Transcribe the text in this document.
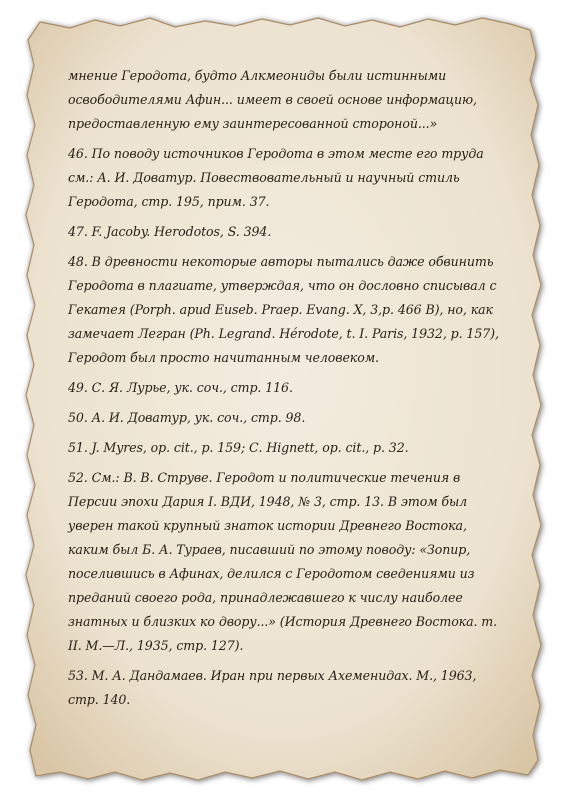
мнение Геродота, будто Алкмеониды были истинными освободителями Афин... имеет в своей основе информацию, предоставленную ему заинтересованной стороной...»

46. По поводу источников Геродота в этом месте его труда см.: А. И. Доватур. Повествовательный и научный стиль Геродота, стр. 195, прим. 37.

47. F. Jacoby. Herodotos, S. 394.

48. В древности некоторые авторы пытались даже обвинить Геродота в плагиате, утверждая, что он дословно списывал с Гекатея (Porph. apud Euseb. Praep. Evang. X, 3,p. 466 В), но, как замечает Легран (Ph. Legrand. Hérodote, t. I. Paris, 1932, p. 157), Геродот был просто начитанным человеком.

49. С. Я. Лурье, ук. соч., стр. 116.

50. А. И. Доватур, ук. соч., стр. 98.

51. J. Myres, op. cit., p. 159; С. Hignett, op. cit., p. 32.

52. См.: В. В. Струве. Геродот и политические течения в Персии эпохи Дария I. ВДИ, 1948, № 3, стр. 13. В этом был уверен такой крупный знаток истории Древнего Востока, каким был Б. А. Тураев, писавший по этому поводу: «Зопир, поселившись в Афинах, делился с Геродотом сведениями из преданий своего рода, принадлежавшего к числу наиболее знатных и близких ко двору...» (История Древнего Востока. т. II. М.—Л., 1935, стр. 127).

53. М. А. Дандамаев. Иран при первых Ахеменидах. М., 1963, стр. 140.
